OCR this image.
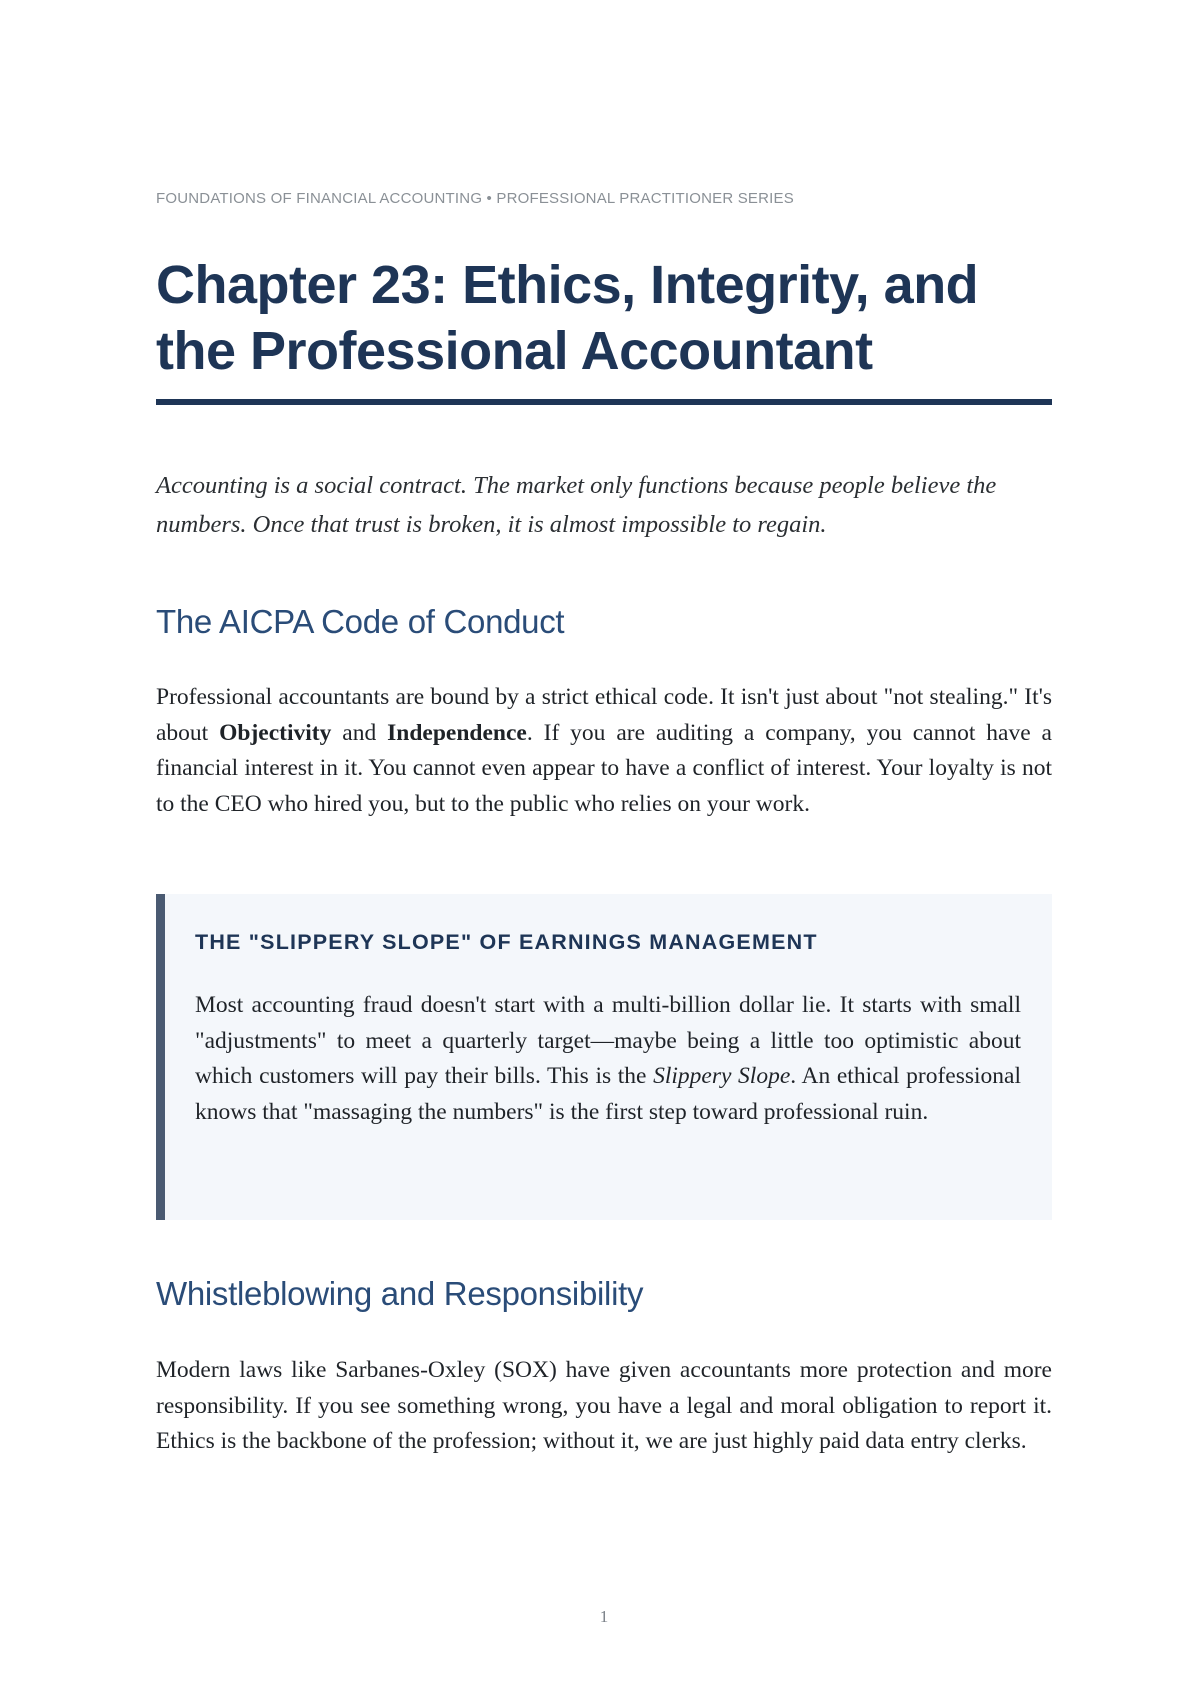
FOUNDATIONS OF FINANCIAL ACCOUNTING • PROFESSIONAL PRACTITIONER SERIES
Chapter 23: Ethics, Integrity, and the Professional Accountant

Accounting is a social contract. The market only functions because people believe the numbers. Once that trust is broken, it is almost impossible to regain.

The AICPA Code of Conduct

Professional accountants are bound by a strict ethical code. It isn't just about "not stealing." It's about Objectivity and Independence. If you are auditing a company, you cannot have a financial interest in it. You cannot even appear to have a conflict of interest. Your loyalty is not to the CEO who hired you, but to the public who relies on your work.

THE "SLIPPERY SLOPE" OF EARNINGS MANAGEMENT

Most accounting fraud doesn't start with a multi-billion dollar lie. It starts with small "adjustments" to meet a quarterly target—maybe being a little too optimistic about which customers will pay their bills. This is the Slippery Slope. An ethical professional knows that "massaging the numbers" is the first step toward professional ruin.

Whistleblowing and Responsibility

Modern laws like Sarbanes-Oxley (SOX) have given accountants more protection and more responsibility. If you see something wrong, you have a legal and moral obligation to report it. Ethics is the backbone of the profession; without it, we are just highly paid data entry clerks.

1
